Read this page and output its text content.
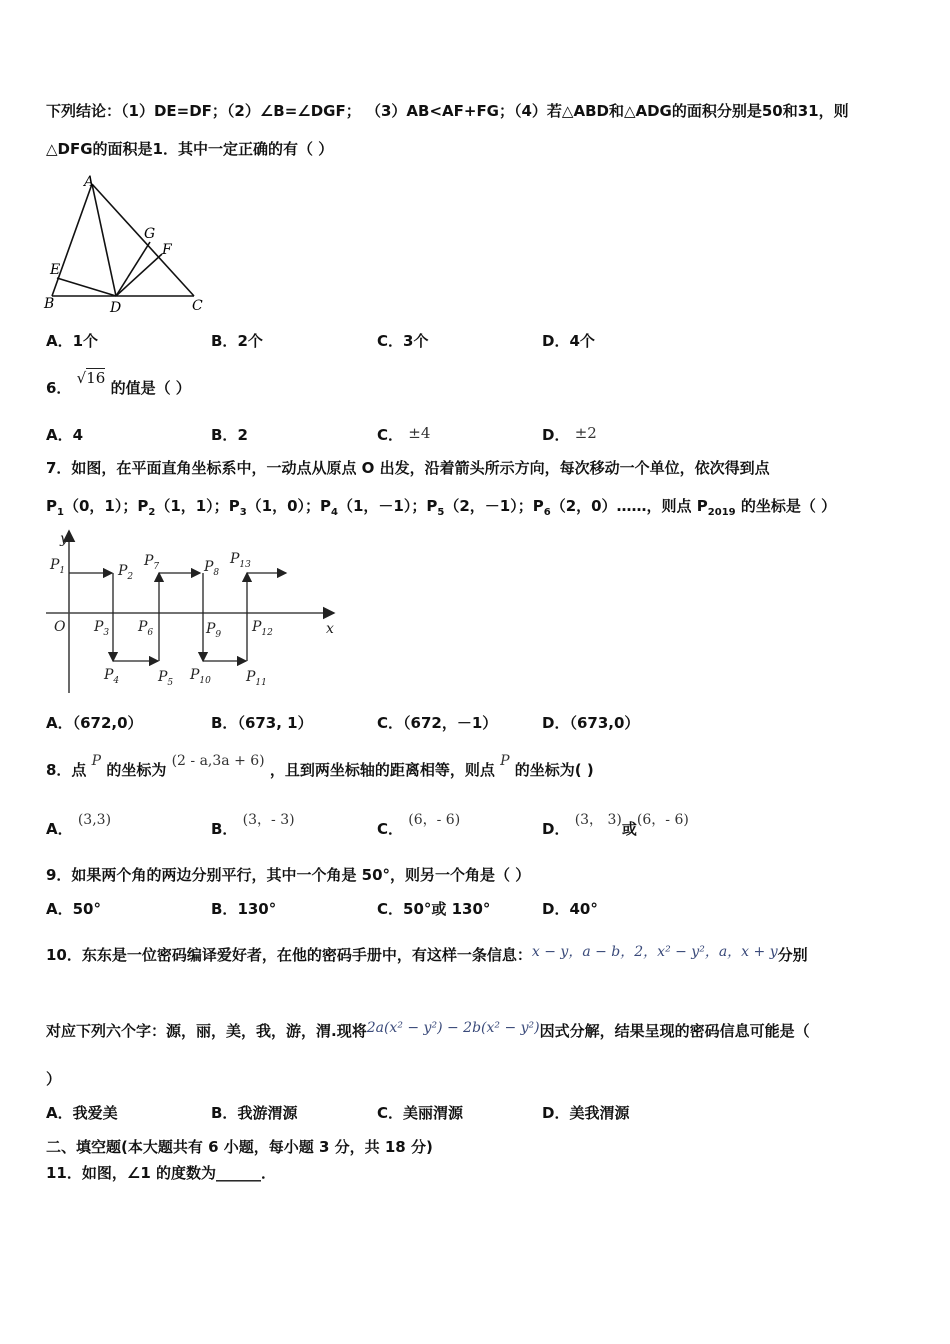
下列结论：（1）DE=DF；（2）∠B=∠DGF； （3）AB<AF+FG；（4）若△ABD和△ADG的面积分别是50和31，则
△DFG的面积是1．其中一定正确的有（ ）
A
B	C
D
E
F
G
A．1个	B．2个	C．3个	D．4个
6． √16 的值是（ ）
A．4	B．2	C． ±4	D． ±2
7．如图，在平面直角坐标系中，一动点从原点 O 出发，沿着箭头所示方向，每次移动一个单位，依次得到点
$P_1(0$，1）；$P_2(1$，1）；$P_3(1$，0）；$P_4(1$，－1）；$P_5(2$，－1）；$P_6(2$，0）……，则点 $P_{2019}$ 的坐标是（ ）
y
x
O
$P_1$	$P_2$
$P_3$
$P_4$	$P_5$
$P_6$
$P_7$	$P_8$
$P_9$
$P_{10}$	$P_{11}$
$P_{12}$
$P_{13}$
A．（672,0）	B．（673, 1）	C．（672，－1）	D．（673,0）
8．点 P 的坐标为 (2 - a,3a + 6) ，且到两坐标轴的距离相等，则点 P 的坐标为( )
A． (3,3)	B． (3，- 3)	C． (6，- 6)	D． (3， 3)或(6，- 6)
9．如果两个角的两边分别平行，其中一个角是 50°，则另一个角是（ ）
A．50°	B．130°	C．50°或 130°	D．40°
10．东东是一位密码编译爱好者，在他的密码手册中，有这样一条信息：x − y，a − b，2，x² − y²，a，x + y分别
对应下列六个字：源，丽，美，我，游，渭.现将2a(x² − y²) − 2b(x² − y²)因式分解，结果呈现的密码信息可能是（
）
A．我爱美	B．我游渭源	C．美丽渭源	D．美我渭源
二、填空题(本大题共有 6 小题，每小题 3 分，共 18 分)
11．如图，∠1 的度数为______．
